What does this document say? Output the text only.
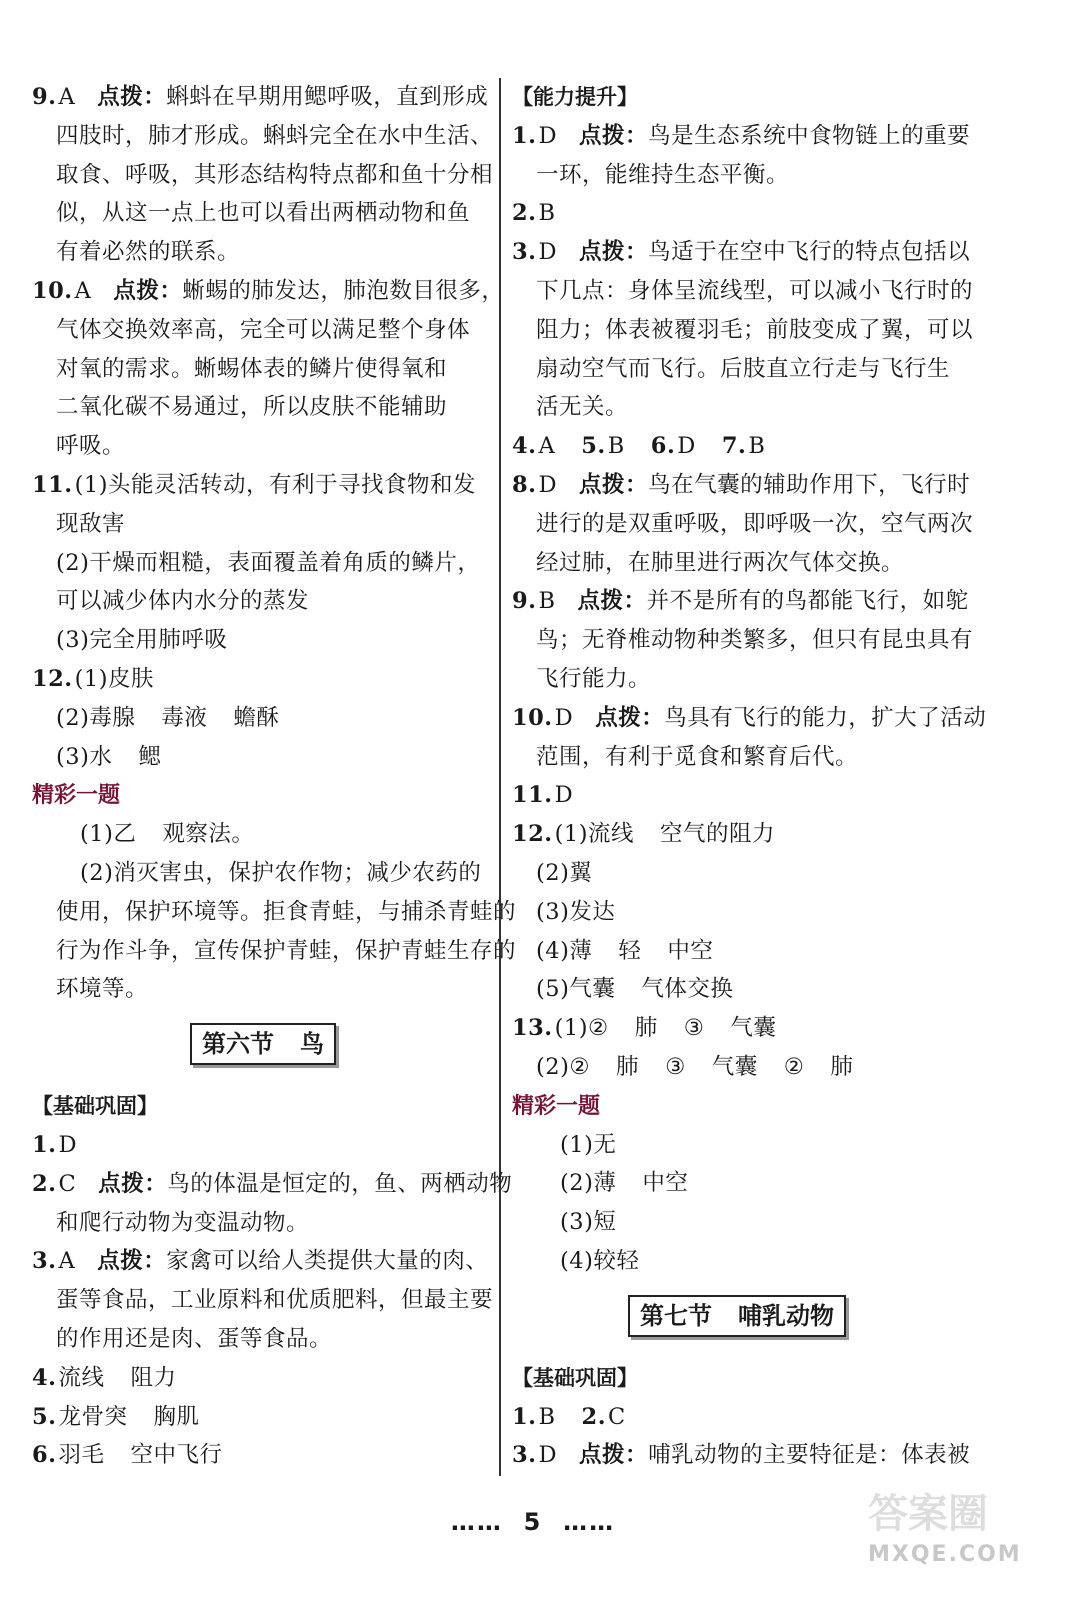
9.A 点拨：蝌蚪在早期用鳃呼吸，直到形成
四肢时，肺才形成。蝌蚪完全在水中生活、
取食、呼吸，其形态结构特点都和鱼十分相
似，从这一点上也可以看出两栖动物和鱼
有着必然的联系。
10.A 点拨：蜥蜴的肺发达，肺泡数目很多，
气体交换效率高，完全可以满足整个身体
对氧的需求。蜥蜴体表的鳞片使得氧和
二氧化碳不易通过，所以皮肤不能辅助
呼吸。
11.(1)头能灵活转动，有利于寻找食物和发
现敌害
(2)干燥而粗糙，表面覆盖着角质的鳞片，
可以减少体内水分的蒸发
(3)完全用肺呼吸
12.(1)皮肤
(2)毒腺 毒液 蟾酥
(3)水 鳃
精彩一题
(1)乙 观察法。
(2)消灭害虫，保护农作物；减少农药的
使用，保护环境等。拒食青蛙，与捕杀青蛙的
行为作斗争，宣传保护青蛙，保护青蛙生存的
环境等。
第六节 鸟
【基础巩固】
1.D
2.C 点拨：鸟的体温是恒定的，鱼、两栖动物
和爬行动物为变温动物。
3.A 点拨：家禽可以给人类提供大量的肉、
蛋等食品，工业原料和优质肥料，但最主要
的作用还是肉、蛋等食品。
4.流线 阻力
5.龙骨突 胸肌
6.羽毛 空中飞行
【能力提升】
1.D 点拨：鸟是生态系统中食物链上的重要
一环，能维持生态平衡。
2.B
3.D 点拨：鸟适于在空中飞行的特点包括以
下几点：身体呈流线型，可以减小飞行时的
阻力；体表被覆羽毛；前肢变成了翼，可以
扇动空气而飞行。后肢直立行走与飞行生
活无关。
4.A 5.B 6.D 7.B
8.D 点拨：鸟在气囊的辅助作用下，飞行时
进行的是双重呼吸，即呼吸一次，空气两次
经过肺，在肺里进行两次气体交换。
9.B 点拨：并不是所有的鸟都能飞行，如鸵
鸟；无脊椎动物种类繁多，但只有昆虫具有
飞行能力。
10.D 点拨：鸟具有飞行的能力，扩大了活动
范围，有利于觅食和繁育后代。
11.D
12.(1)流线 空气的阻力
(2)翼
(3)发达
(4)薄 轻 中空
(5)气囊 气体交换
13.(1)② 肺 ③ 气囊
(2)② 肺 ③ 气囊 ② 肺
精彩一题
(1)无
(2)薄 中空
(3)短
(4)较轻
第七节 哺乳动物
【基础巩固】
1.B 2.C
3.D 点拨：哺乳动物的主要特征是：体表被
…… 5 ……	答案圈
MXQE.COM
